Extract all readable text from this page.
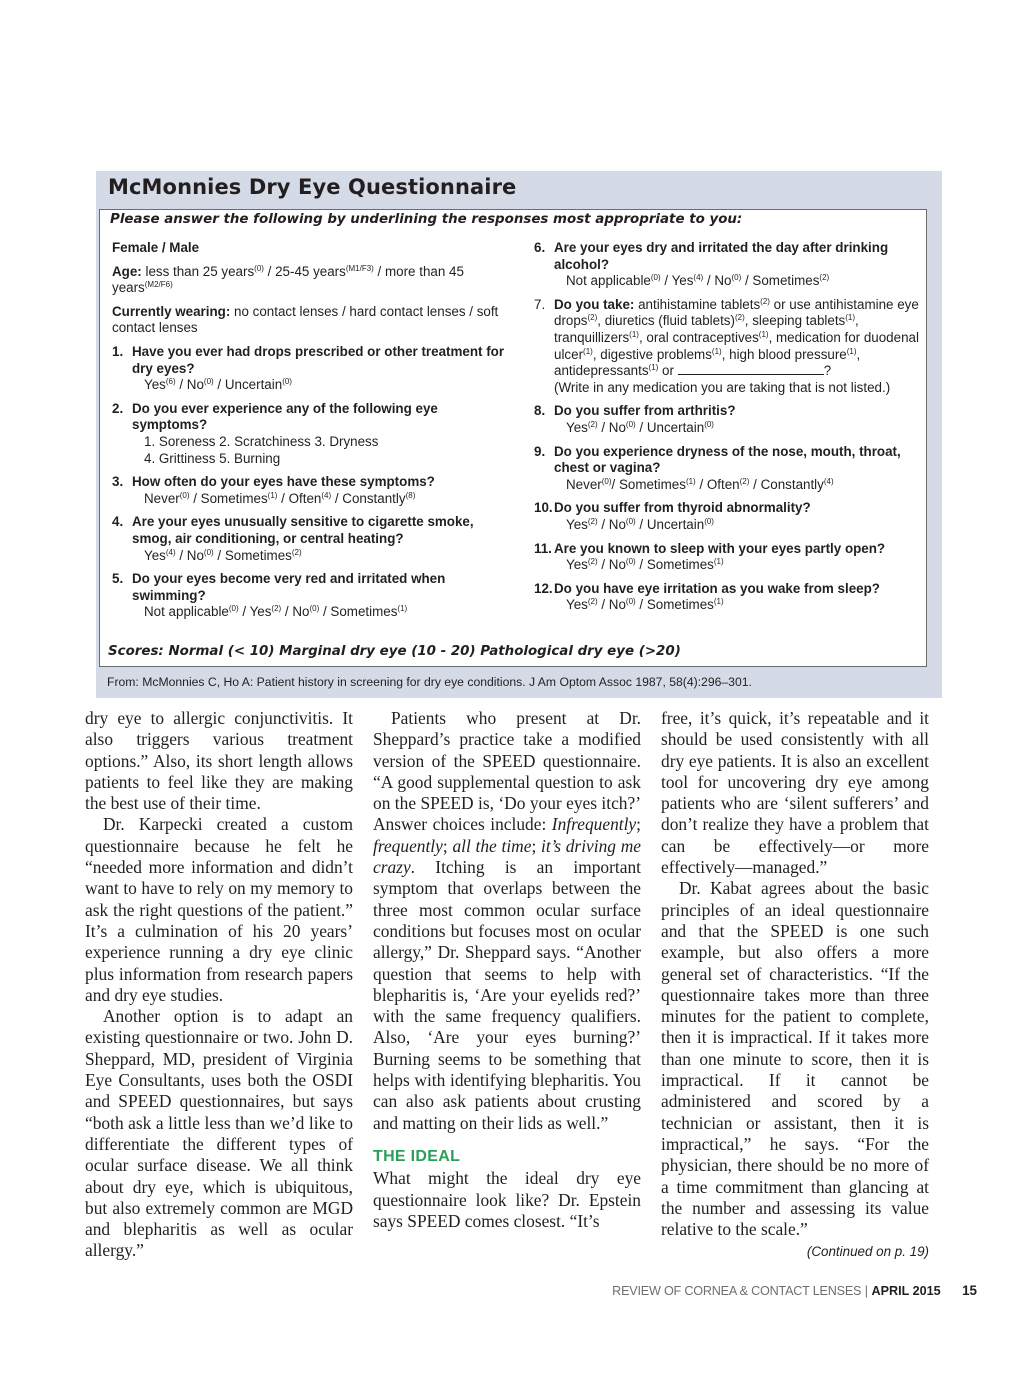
McMonnies Dry Eye Questionnaire
Please answer the following by underlining the responses most appropriate to you:
Female / Male
Age: less than 25 years$^{(0)}$ / 25-45 years$^{(M1/F3)}$ / more than 45 years$^{(M2/F6)}$
Currently wearing: no contact lenses / hard contact lenses / soft contact lenses
1. Have you ever had drops prescribed or other treatment for dry eyes?
Yes$^{(6)}$ / No$^{(0)}$ / Uncertain$^{(0)}$
2. Do you ever experience any of the following eye symptoms?
1. Soreness 2. Scratchiness 3. Dryness
4. Grittiness 5. Burning
3. How often do your eyes have these symptoms?
Never$^{(0)}$ / Sometimes$^{(1)}$ / Often$^{(4)}$ / Constantly$^{(8)}$
4. Are your eyes unusually sensitive to cigarette smoke, smog, air conditioning, or central heating?
Yes$^{(4)}$ / No$^{(0)}$ / Sometimes$^{(2)}$
5. Do your eyes become very red and irritated when swimming?
Not applicable$^{(0)}$ / Yes$^{(2)}$ / No$^{(0)}$ / Sometimes$^{(1)}$
6. Are your eyes dry and irritated the day after drinking alcohol?
Not applicable$^{(0)}$ / Yes$^{(4)}$ / No$^{(0)}$ / Sometimes$^{(2)}$
7. Do you take: antihistamine tablets$^{(2)}$ or use antihistamine eye drops$^{(2)}$, diuretics (fluid tablets)$^{(2)}$, sleeping tablets$^{(1)}$, tranquillizers$^{(1)}$, oral contraceptives$^{(1)}$, medication for duodenal ulcer$^{(1)}$, digestive problems$^{(1)}$, high blood pressure$^{(1)}$, antidepressants$^{(1)}$ or	?
(Write in any medication you are taking that is not listed.)
8. Do you suffer from arthritis?
Yes$^{(2)}$ / No$^{(0)}$ / Uncertain$^{(0)}$
9. Do you experience dryness of the nose, mouth, throat, chest or vagina?
Never$^{(0)}$/ Sometimes$^{(1)}$ / Often$^{(2)}$ / Constantly$^{(4)}$
10. Do you suffer from thyroid abnormality?
Yes$^{(2)}$ / No$^{(0)}$ / Uncertain$^{(0)}$
11. Are you known to sleep with your eyes partly open?
Yes$^{(2)}$ / No$^{(0)}$ / Sometimes$^{(1)}$
12. Do you have eye irritation as you wake from sleep?
Yes$^{(2)}$ / No$^{(0)}$ / Sometimes$^{(1)}$
Scores: Normal (< 10) Marginal dry eye (10 - 20) Pathological dry eye (>20)
From: McMonnies C, Ho A: Patient history in screening for dry eye conditions. J Am Optom Assoc 1987, 58(4):296–301.

dry eye to allergic conjunctivitis. It also triggers various treatment options.” Also, its short length allows patients to feel like they are making the best use of their time.

Dr. Karpecki created a custom questionnaire because he felt he “needed more information and didn’t want to have to rely on my memory to ask the right questions of the patient.” It’s a culmination of his 20 years’ experience running a dry eye clinic plus information from research papers and dry eye studies.

Another option is to adapt an existing questionnaire or two. John D. Sheppard, MD, president of Virginia Eye Consultants, uses both the OSDI and SPEED questionnaires, but says “both ask a little less than we’d like to differentiate the different types of ocular surface disease. We all think about dry eye, which is ubiquitous, but also extremely common are MGD and blepharitis as well as ocular allergy.”

Patients who present at Dr. Sheppard’s practice take a modified version of the SPEED questionnaire. “A good supplemental question to ask on the SPEED is, ‘Do your eyes itch?’ Answer choices include: Infrequently; frequently; all the time; it’s driving me crazy. Itching is an important symptom that overlaps between the three most common ocular surface conditions but focuses most on ocular allergy,” Dr. Sheppard says. “Another question that seems to help with blepharitis is, ‘Are your eyelids red?’ with the same frequency qualifiers. Also, ‘Are your eyes burning?’ Burning seems to be something that helps with identifying blepharitis. You can also ask patients about crusting and matting on their lids as well.”

THE IDEAL

What might the ideal dry eye questionnaire look like? Dr. Epstein says SPEED comes closest. “It’s

free, it’s quick, it’s repeatable and it should be used consistently with all dry eye patients. It is also an excellent tool for uncovering dry eye among patients who are ‘silent sufferers’ and don’t realize they have a problem that can be effectively—or more effectively—managed.”

Dr. Kabat agrees about the basic principles of an ideal questionnaire and that the SPEED is one such example, but also offers a more general set of characteristics. “If the questionnaire takes more than three minutes for the patient to complete, then it is impractical. If it takes more than one minute to score, then it is impractical. If it cannot be administered and scored by a technician or assistant, then it is impractical,” he says. “For the physician, there should be no more of a time commitment than glancing at the number and assessing its value relative to the scale.”

(Continued on p. 19)
REVIEW OF CORNEA & CONTACT LENSES | APRIL 2015 15
